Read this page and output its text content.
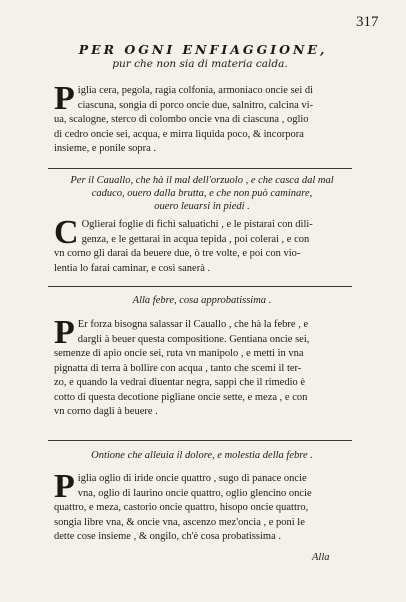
317
PER OGNI ENFIAGGIONE,
pur che non sia di materia calda.
P iglia cera, pegola, ragia colfonia, armoniaco oncie sei di
ciascuna, songia di porco oncie due, salnitro, calcina vi-
ua, scalogne, sterco di colombo oncie vna di ciascuna , oglio
di cedro oncie sei, acqua, e mirra liquida poco, & incorpora
insieme, e ponile sopra .
Per il Cauallo, che hà il mal dell'orzuolo , e che casca dal mal
caduco, ouero dalla brutta, e che non può caminare,
ouero leuarsi in piedi .
C Oglierai foglie di fichi saluatichi , e le pistarai con dili-
genza, e le gettarai in acqua tepida , poi colerai , e con
vn corno gli darai da beuere due, ò tre volte, e poi con vio-
lentia lo farai caminar, e così sanerà .
Alla febre, cosa approbatissima .
P Er forza bisogna salassar il Cauallo , che hà la febre , e
dargli à beuer questa compositione. Gentiana oncie sei,
semenze di apio oncie sei, ruta vn manipolo , e metti in vna
pignatta di terra à bollire con acqua , tanto che scemi il ter-
zo, e quando la vedrai diuentar negra, sappi che il rimedio è
cotto di questa decotione pigliane oncie sette, e meza , e con
vn corno dagli à beuere .
Ontione che alleuia il dolore, e molestia della febre .
P iglia oglio di iride oncie quattro , sugo di panace oncie
vna, oglio di laurino oncie quattro, oglio glencino oncie
quattro, e meza, castorio oncie quattro, hisopo oncie quattro,
songia libre vna, & oncie vna, ascenzo mez'oncia , e poni le
dette cose insieme , & ongilo, ch'è cosa probatissima .
Alla
